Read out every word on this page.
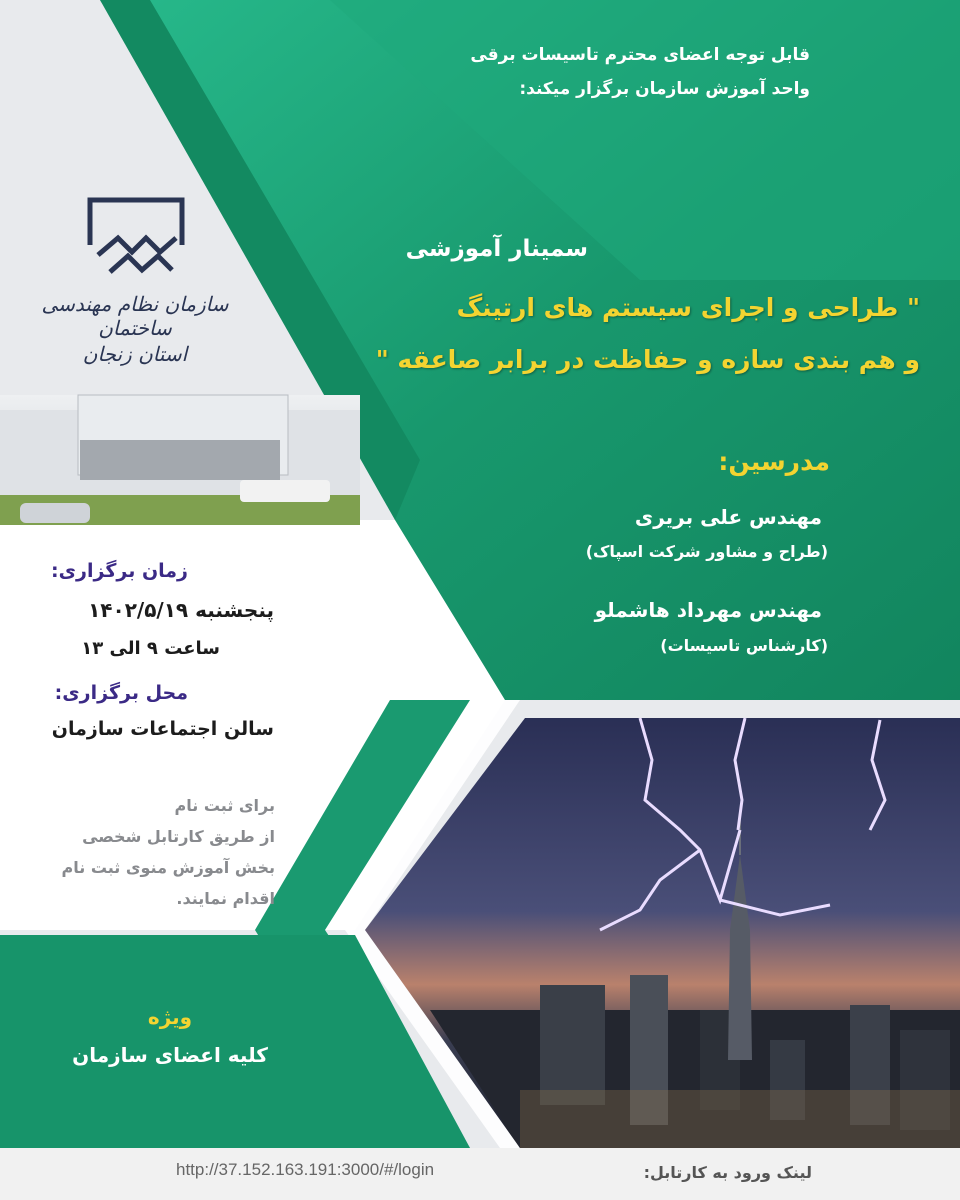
قابل توجه اعضای محترم تاسیسات برقی
واحد آموزش سازمان برگزار میکند:
سمینار آموزشی
" طراحی و اجرای سیستم های ارتینگ
و هم بندی سازه و حفاظت در برابر صاعقه "
مدرسین:
مهندس علی بریری
(طراح و مشاور شرکت اسپاک)
مهندس مهرداد هاشملو
(کارشناس تاسیسات)
سازمان نظام مهندسی ساختمان
استان زنجان
زمان برگزاری:
پنجشنبه ۱۴۰۲/۵/۱۹
ساعت ۹ الی ۱۳
محل برگزاری:
سالن اجتماعات سازمان
برای ثبت نام
از طریق کارتابل شخصی
بخش آموزش منوی ثبت نام
اقدام نمایند.
ویژه
کلیه اعضای سازمان
لینک ورود به کارتابل:
http://37.152.163.191:3000/#/login
